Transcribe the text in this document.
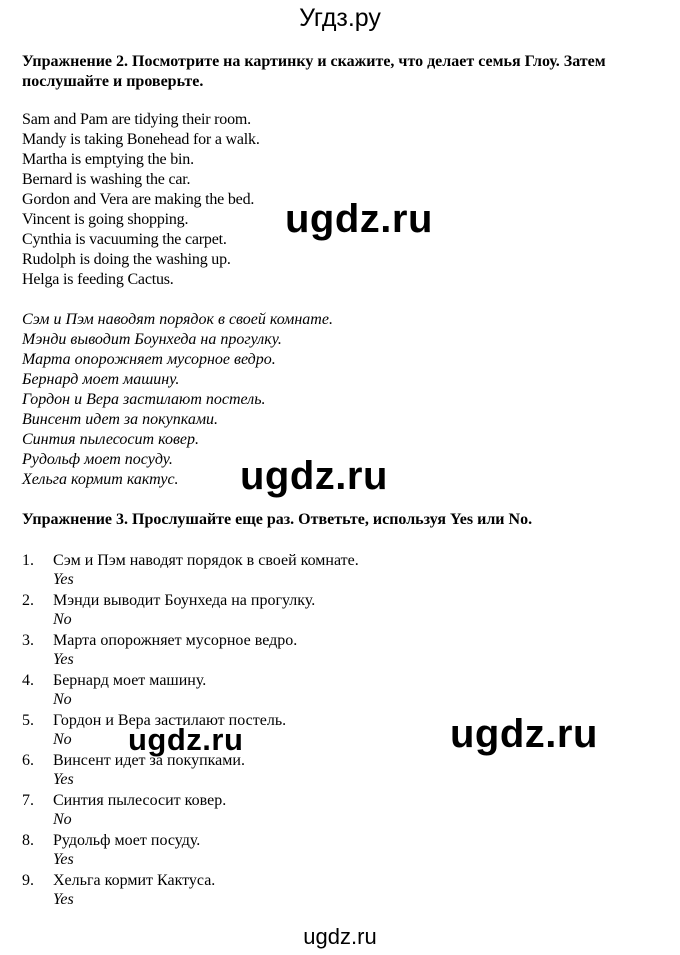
Угдз.ру
Упражнение 2. Посмотрите на картинку и скажите, что делает семья Глоу. Затем послушайте и проверьте.
Sam and Pam are tidying their room.
Mandy is taking Bonehead for a walk.
Martha is emptying the bin.
Bernard is washing the car.
Gordon and Vera are making the bed.
Vincent is going shopping.
Cynthia is vacuuming the carpet.
Rudolph is doing the washing up.
Helga is feeding Cactus.
Сэм и Пэм наводят порядок в своей комнате.
Мэнди выводит Боунхеда на прогулку.
Марта опорожняет мусорное ведро.
Бернард моет машину.
Гордон и Вера застилают постель.
Винсент идет за покупками.
Синтия пылесосит ковер.
Рудольф моет посуду.
Хельга кормит кактус.
Упражнение 3. Прослушайте еще раз. Ответьте, используя Yes или No.
1. Сэм и Пэм наводят порядок в своей комнате.
Yes
2. Мэнди выводит Боунхеда на прогулку.
No
3. Марта опорожняет мусорное ведро.
Yes
4. Бернард моет машину.
No
5. Гордон и Вера застилают постель.
No
6. Винсент идет за покупками.
Yes
7. Синтия пылесосит ковер.
No
8. Рудольф моет посуду.
Yes
9. Хельга кормит Кактуса.
Yes
ugdz.ru
ugdz.ru
ugdz.ru
ugdz.ru
ugdz.ru
